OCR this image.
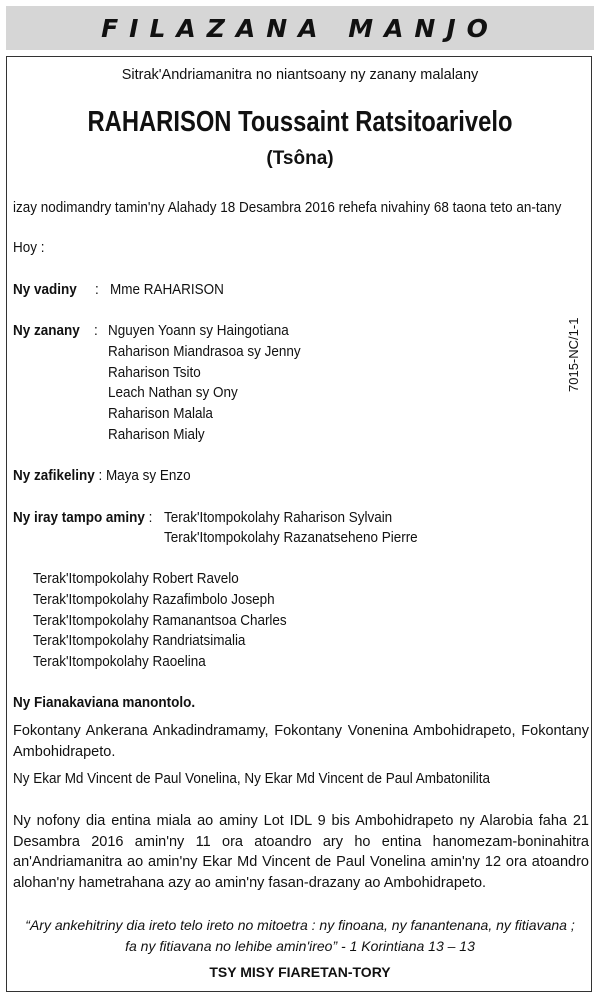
FILAZANA MANJO
Sitrak'Andriamanitra no niantsoany ny zanany malalany
RAHARISON Toussaint Ratsitoarivelo
(Tsôna)
izay nodimandry tamin'ny Alahady 18 Desambra 2016 rehefa nivahiny 68 taona teto an-tany
Hoy :
Ny vadiny : Mme RAHARISON
Ny zanany : Nguyen Yoann sy Haingotiana
Raharison Miandrasoa sy Jenny
Raharison Tsito
Leach Nathan sy Ony
Raharison Malala
Raharison Mialy
Ny zafikeliny : Maya sy Enzo
Ny iray tampo aminy : Terak'Itompokolahy Raharison Sylvain
Terak'Itompokolahy Razanatseheno Pierre
Terak'Itompokolahy Robert Ravelo
Terak'Itompokolahy Razafimbolo Joseph
Terak'Itompokolahy Ramanantsoa Charles
Terak'Itompokolahy Randriatsimalia
Terak'Itompokolahy Raoelina
Ny Fianakaviana manontolo.
Fokontany Ankerana Ankadindramamy, Fokontany Vonenina Ambohidrapeto, Fokontany Ambohidrapeto.
Ny Ekar Md Vincent de Paul Vonelina, Ny Ekar Md Vincent de Paul Ambatonilita
Ny nofony dia entina miala ao aminy Lot IDL 9 bis Ambohidrapeto ny Alarobia faha 21 Desambra 2016 amin'ny 11 ora atoandro ary ho entina hanomezam-boninahitra an'Andriamanitra ao amin'ny Ekar Md Vincent de Paul Vonelina amin'ny 12 ora atoandro alohan'ny hametrahana azy ao amin'ny fasan-drazany ao Ambohidrapeto.
“Ary ankehitriny dia ireto telo ireto no mitoetra : ny finoana, ny fanantenana, ny fitiavana ;
fa ny fitiavana no lehibe amin'ireo” - 1 Korintiana 13 – 13
TSY MISY FIARETAN-TORY
7015-NC/1-1
